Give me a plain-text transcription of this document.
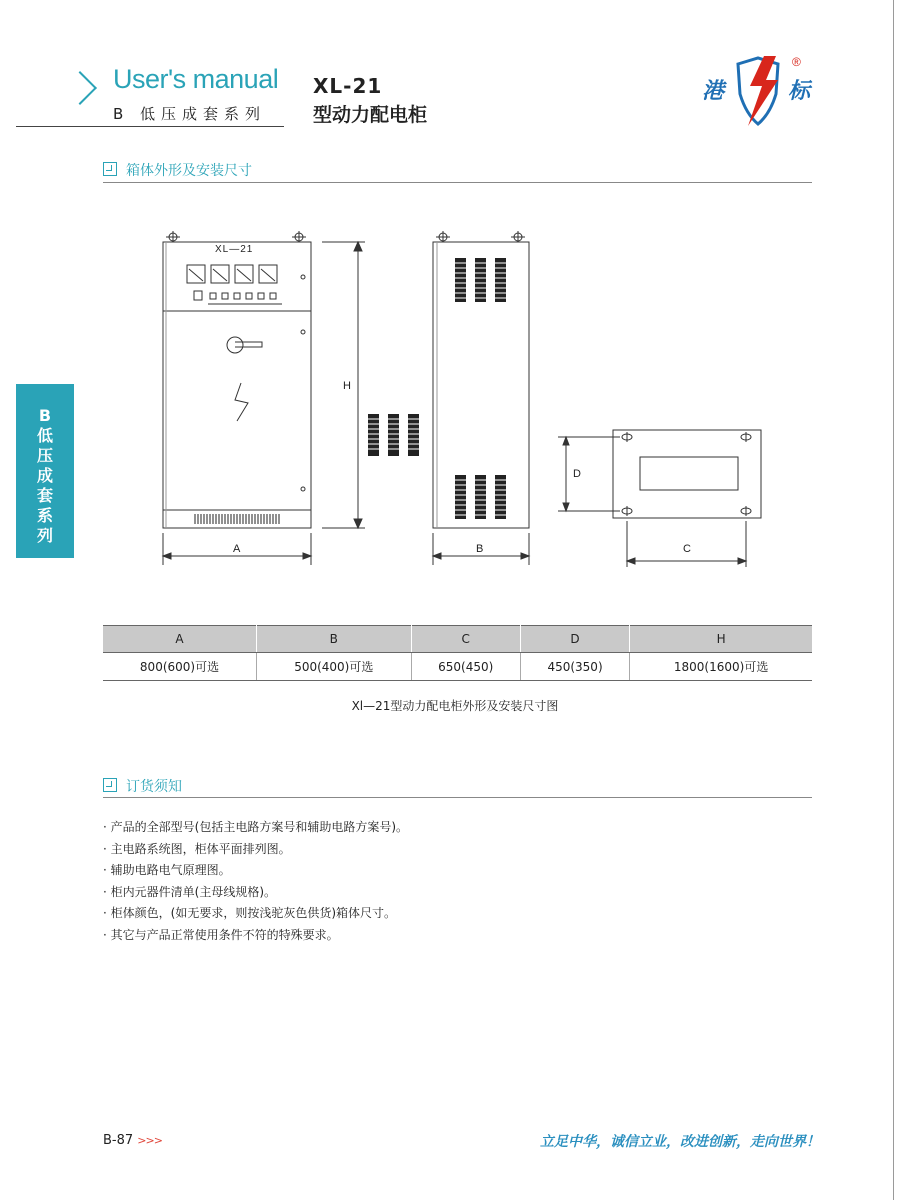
User's manual
B 低压成套系列
XL-21
型动力配电柜
港	标
®
B
低
压
成
套
系
列
箱体外形及安装尺寸
XL—21
H
A	B	C
D
A	B	C	D	H
800(600)可选	500(400)可选	650(450)	450(350)	1800(1600)可选
Xl—21型动力配电柜外形及安装尺寸图
订货须知
· 产品的全部型号(包括主电路方案号和辅助电路方案号)。
· 主电路系统图，柜体平面排列图。
· 辅助电路电气原理图。
· 柜内元器件清单(主母线规格)。
· 柜体颜色，(如无要求，则按浅驼灰色供货)箱体尺寸。
· 其它与产品正常使用条件不符的特殊要求。
B-87 >>>	立足中华，诚信立业，改进创新，走向世界！
